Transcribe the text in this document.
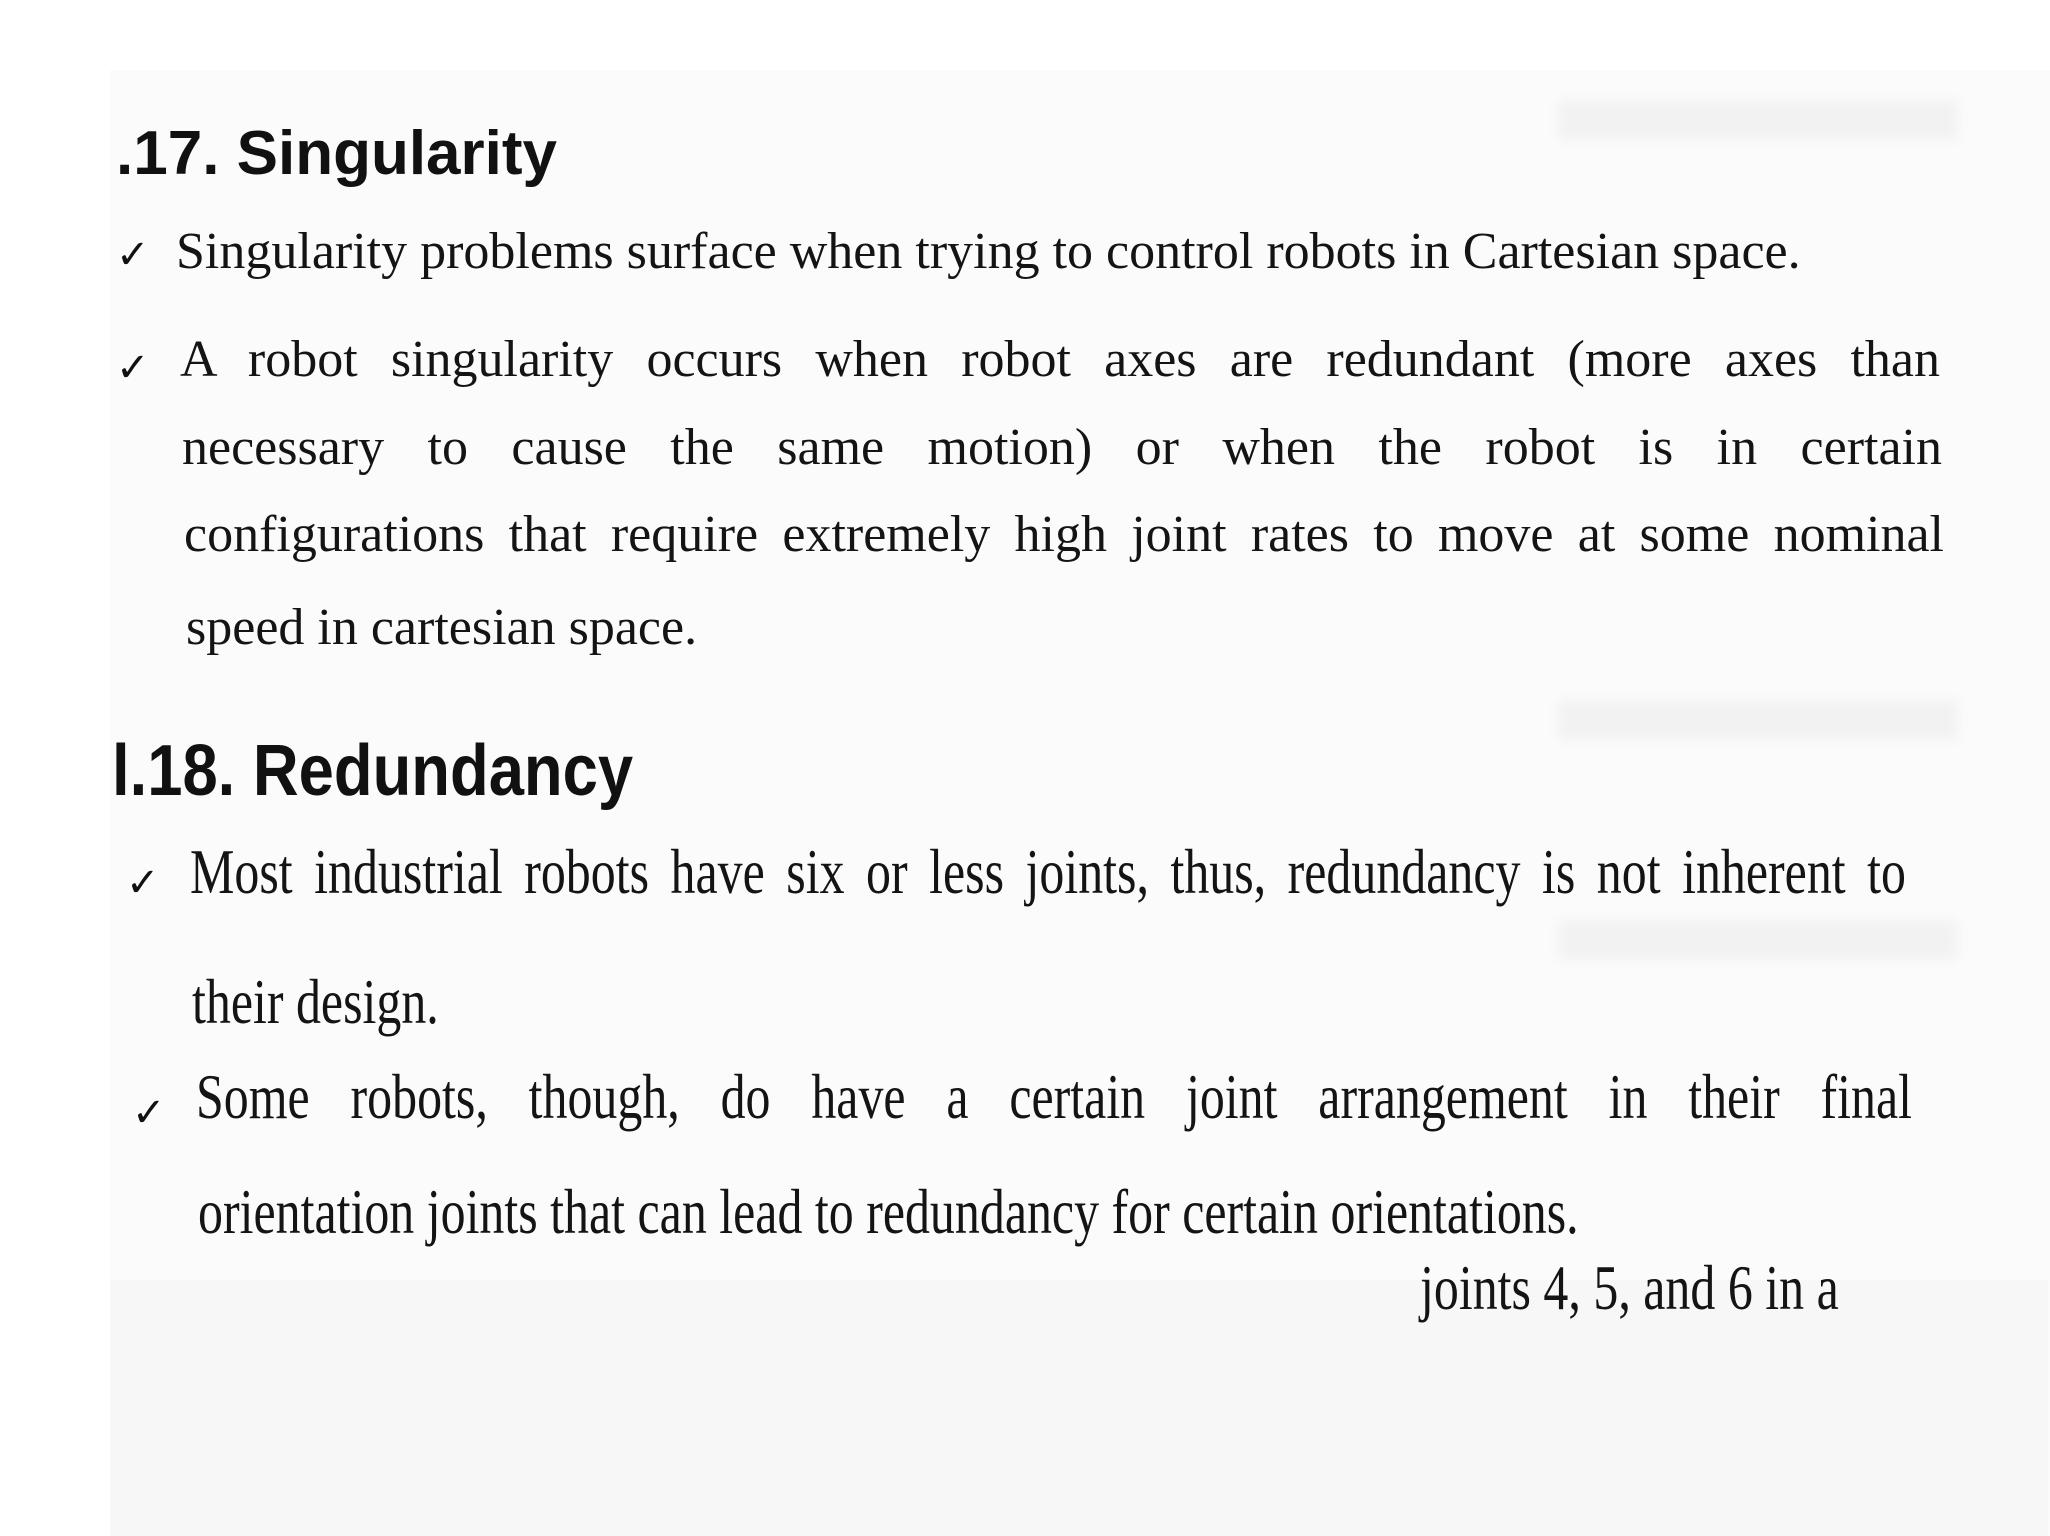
.17. Singularity
✓ Singularity problems surface when trying to control robots in Cartesian space.
✓ A robot singularity occurs when robot axes are redundant (more axes than
necessary to cause the same motion) or when the robot is in certain
configurations that require extremely high joint rates to move at some nominal
speed in cartesian space.
l.18. Redundancy
✓ Most industrial robots have six or less joints, thus, redundancy is not inherent to
their design.
✓ Some robots, though, do have a certain joint arrangement in their final
orientation joints that can lead to redundancy for certain orientations.
joints 4, 5, and 6 in a
